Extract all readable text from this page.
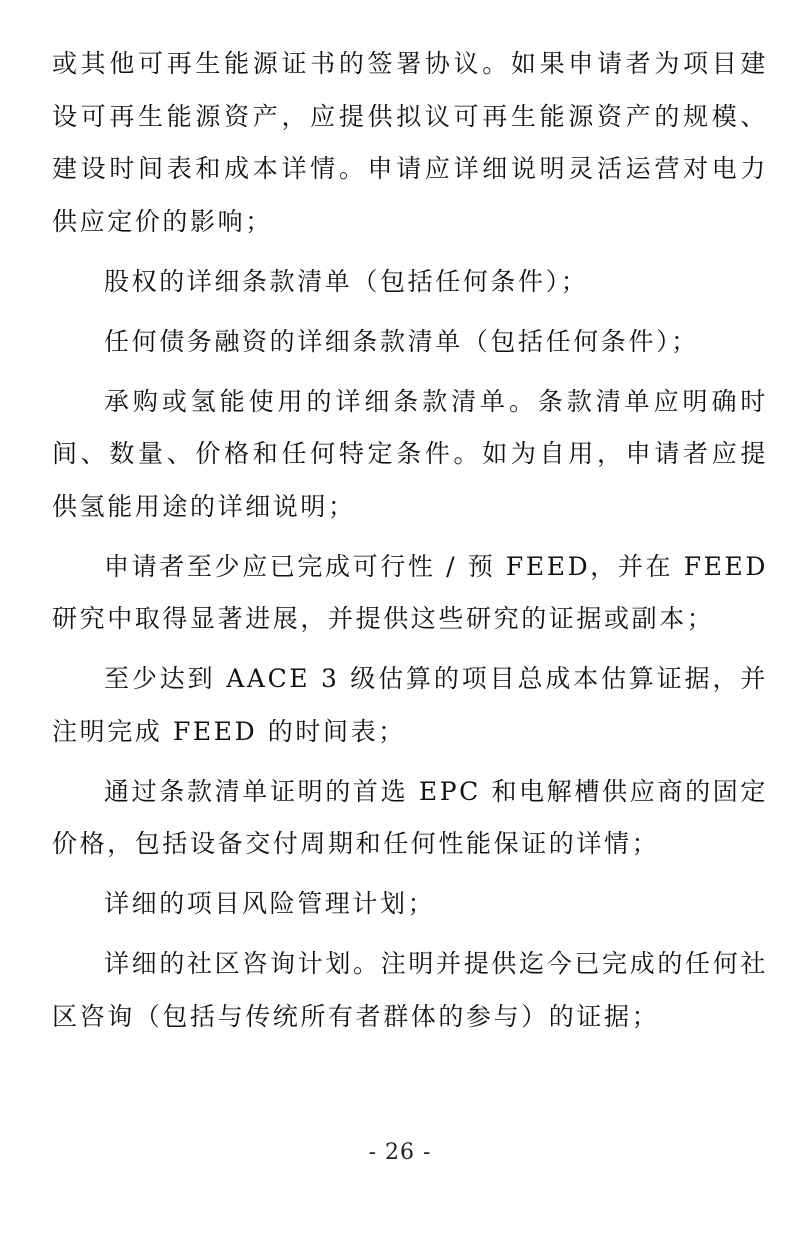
或其他可再生能源证书的签署协议。如果申请者为项目建设可再生能源资产，应提供拟议可再生能源资产的规模、建设时间表和成本详情。申请应详细说明灵活运营对电力供应定价的影响；

股权的详细条款清单（包括任何条件）；

任何债务融资的详细条款清单（包括任何条件）；

承购或氢能使用的详细条款清单。条款清单应明确时间、数量、价格和任何特定条件。如为自用，申请者应提供氢能用途的详细说明；

申请者至少应已完成可行性 / 预 FEED，并在 FEED 研究中取得显著进展，并提供这些研究的证据或副本；

至少达到 AACE 3 级估算的项目总成本估算证据，并注明完成 FEED 的时间表；

通过条款清单证明的首选 EPC 和电解槽供应商的固定价格，包括设备交付周期和任何性能保证的详情；

详细的项目风险管理计划；

详细的社区咨询计划。注明并提供迄今已完成的任何社区咨询（包括与传统所有者群体的参与）的证据；

- 26 -
